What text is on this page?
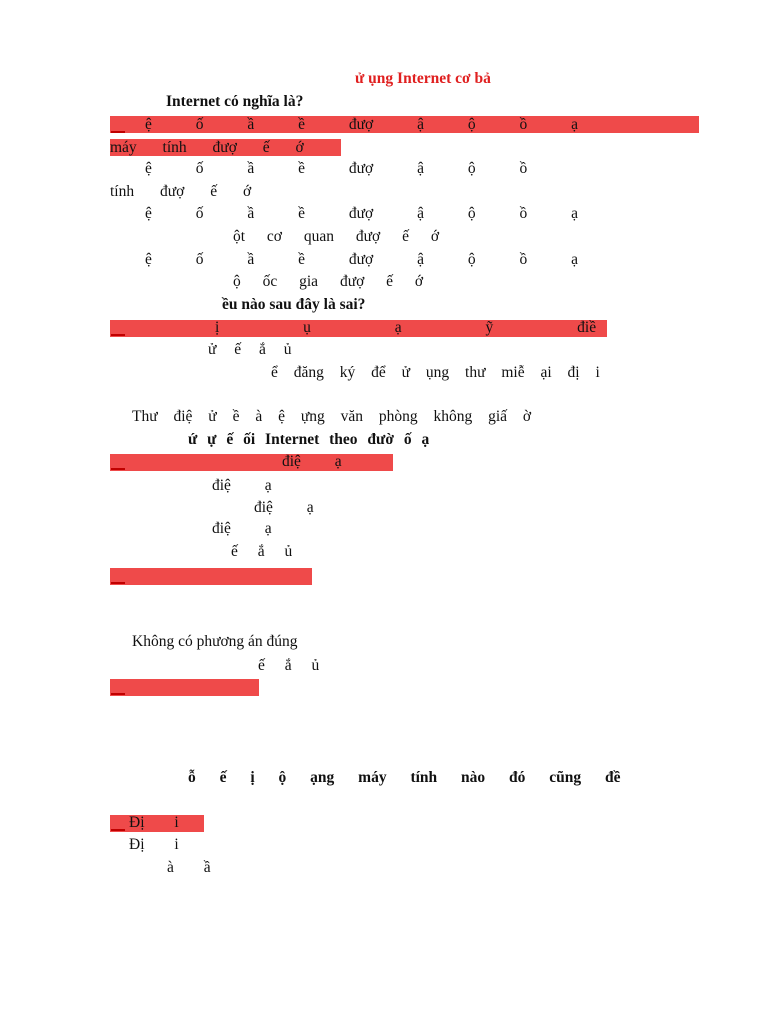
ử ụng Internet cơ bả
Internet có nghĩa là?
ệ ố ầ ề đượ ậ ộ ồ ạ
máy tính đượ ế ớ
ệ ố ầ ề đượ ậ ộ ồ
tính đượ ế ớ
ệ ố ầ ề đượ ậ ộ ồ ạ
ột cơ quan đượ ế ớ
ệ ố ầ ề đượ ậ ộ ồ ạ
ộ ốc gia đượ ế ớ
ều nào sau đây là sai?
ị ụ ạ ỹ điề
ử ế ắ ủ
ể đăng ký để ử ụng thư miễ ại đị i
Thư điệ ử ề à ệ ựng văn phòng không giấ ờ
ứ ự ế ối Internet theo đườ ố ạ
điệ ạ
điệ ạ
điệ ạ
điệ ạ
ế ắ ủ
Không có phương án đúng
ế ắ ủ
ỗ ế ị ộ ạng máy tính nào đó cũng đề
Đị i
Đị i
à ầ
